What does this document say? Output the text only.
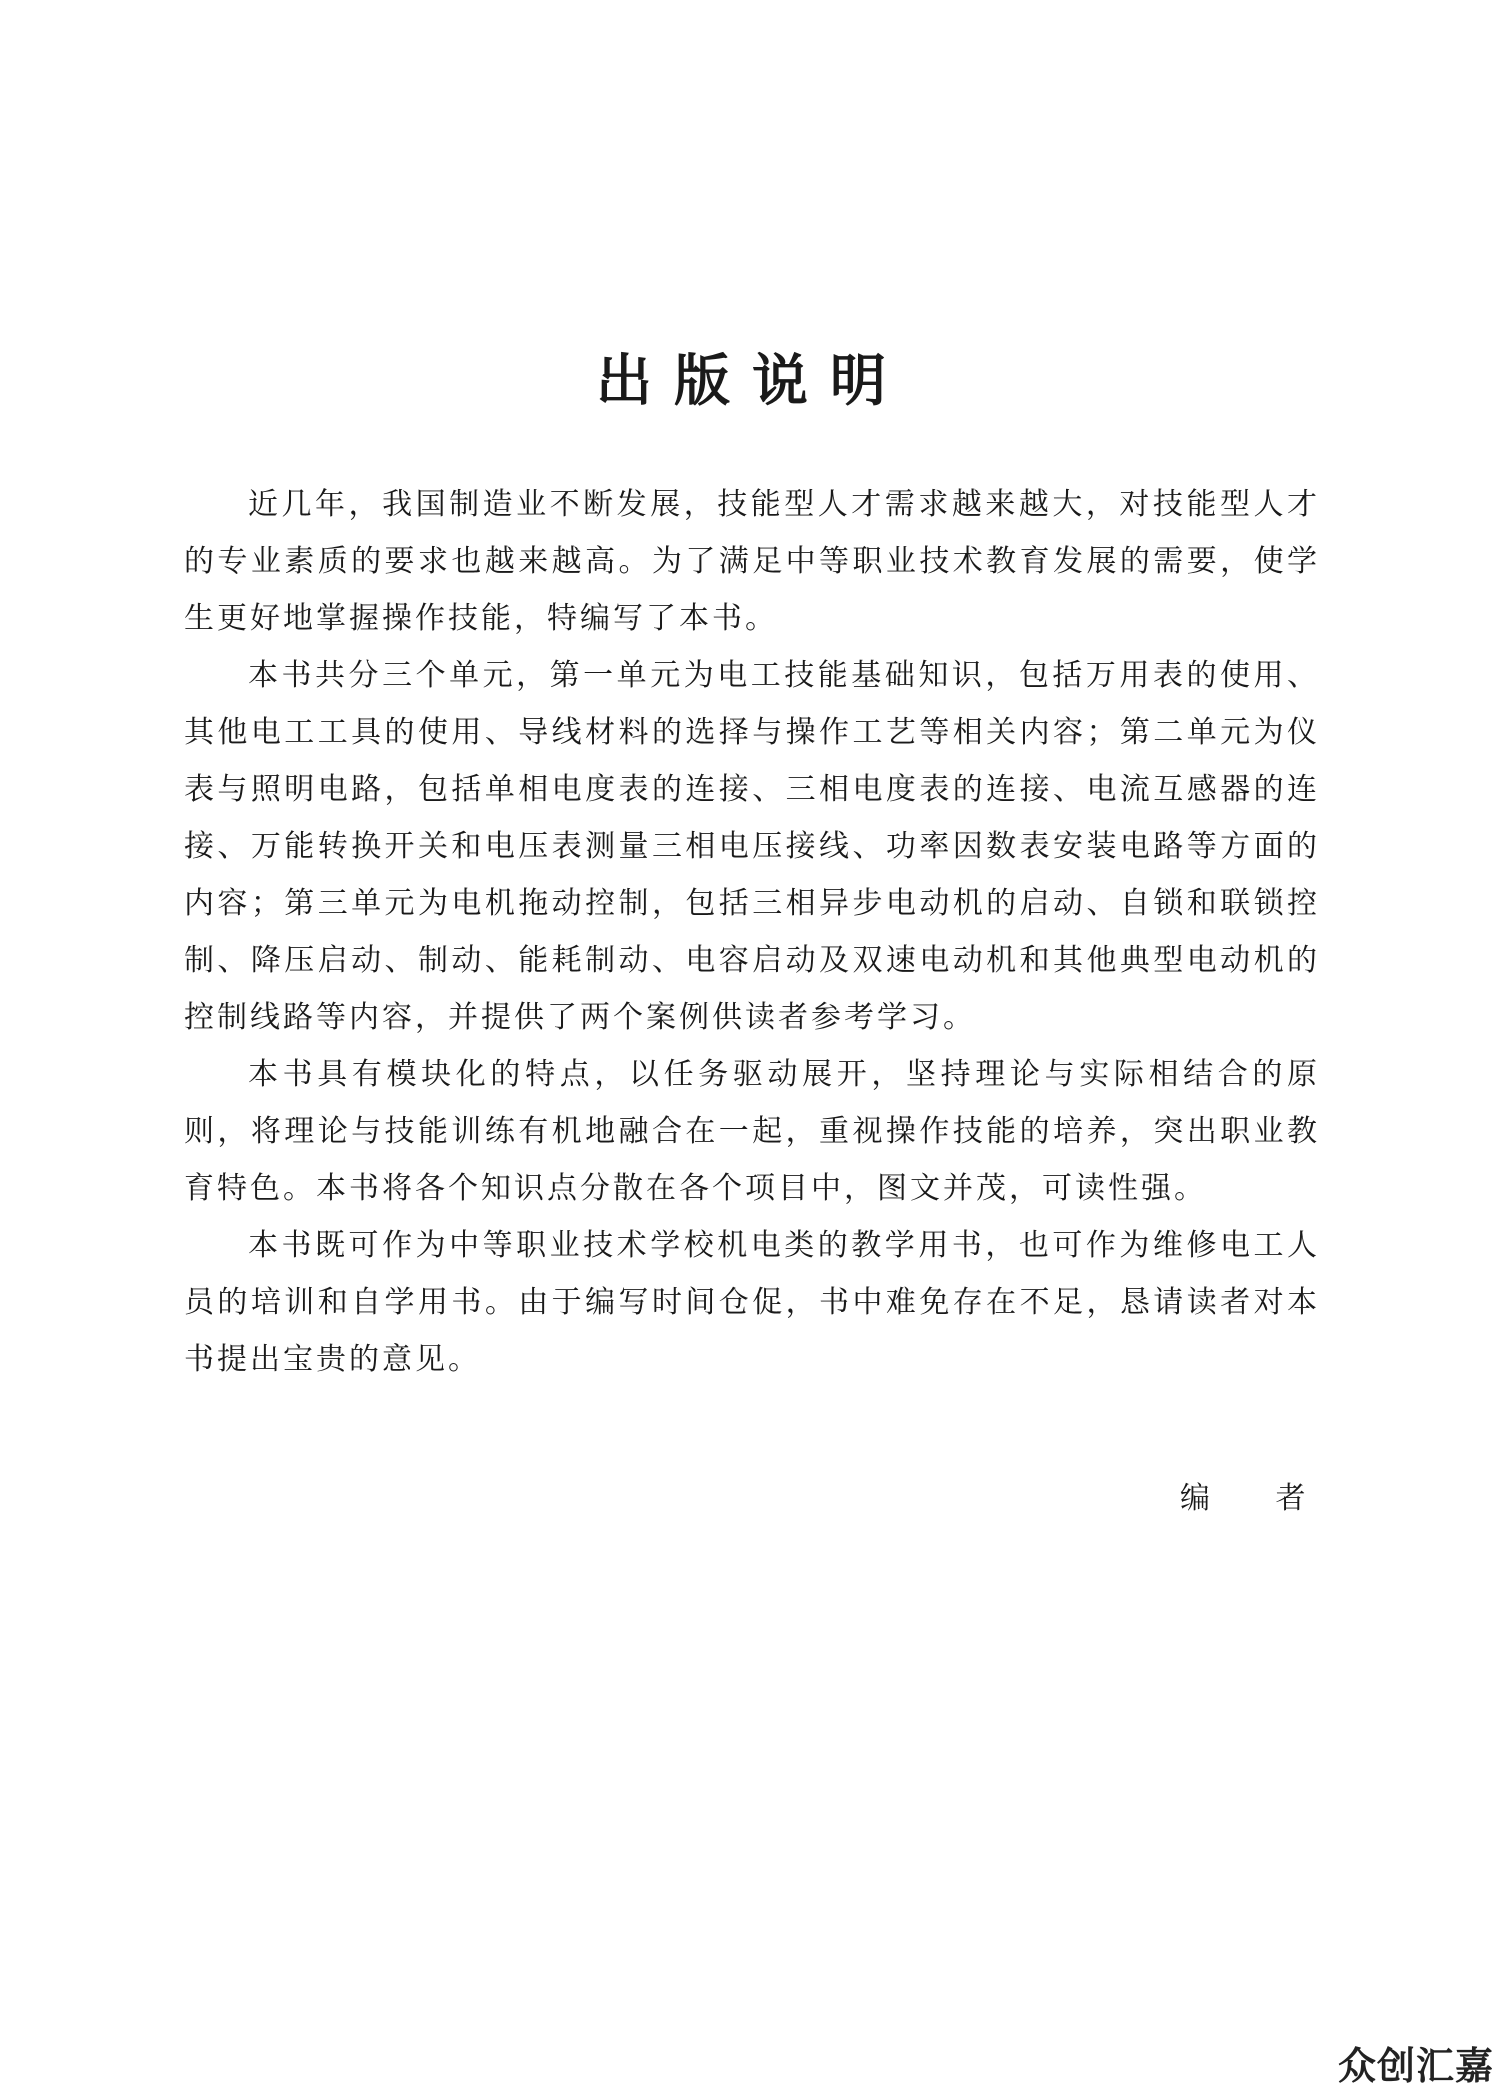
出版说明

近几年，我国制造业不断发展，技能型人才需求越来越大，对技能型人才的专业素质的要求也越来越高。为了满足中等职业技术教育发展的需要，使学生更好地掌握操作技能，特编写了本书。

本书共分三个单元，第一单元为电工技能基础知识，包括万用表的使用、其他电工工具的使用、导线材料的选择与操作工艺等相关内容；第二单元为仪表与照明电路，包括单相电度表的连接、三相电度表的连接、电流互感器的连接、万能转换开关和电压表测量三相电压接线、功率因数表安装电路等方面的内容；第三单元为电机拖动控制，包括三相异步电动机的启动、自锁和联锁控制、降压启动、制动、能耗制动、电容启动及双速电动机和其他典型电动机的控制线路等内容，并提供了两个案例供读者参考学习。

本书具有模块化的特点，以任务驱动展开，坚持理论与实际相结合的原则，将理论与技能训练有机地融合在一起，重视操作技能的培养，突出职业教育特色。本书将各个知识点分散在各个项目中，图文并茂，可读性强。

本书既可作为中等职业技术学校机电类的教学用书，也可作为维修电工人员的培训和自学用书。由于编写时间仓促，书中难免存在不足，恳请读者对本书提出宝贵的意见。

编 者
众创汇嘉
